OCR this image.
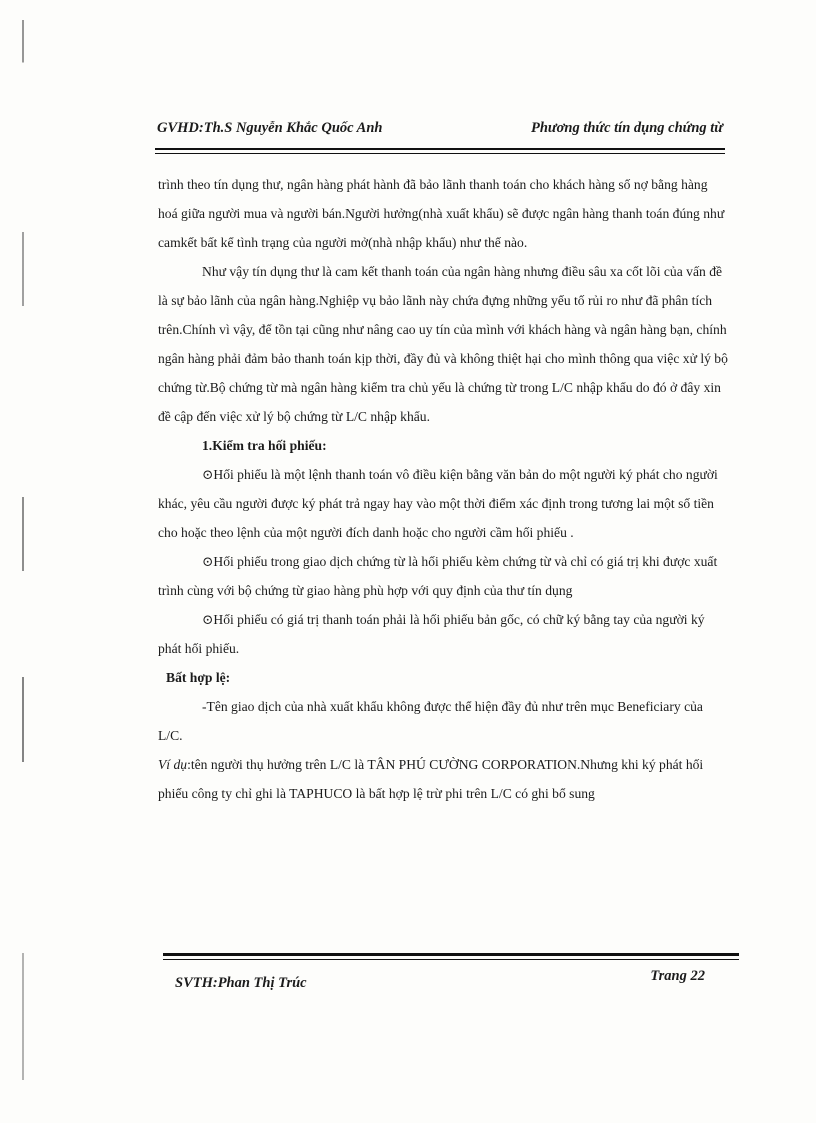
GVHD:Th.S Nguyễn Khắc Quốc Anh	Phương thức tín dụng chứng từ

trình theo tín dụng thư, ngân hàng phát hành đã bảo lãnh thanh toán cho khách hàng số nợ bằng hàng hoá giữa người mua và người bán.Người hưởng(nhà xuất khẩu) sẽ được ngân hàng thanh toán đúng như camkết bất kể tình trạng của người mở(nhà nhập khẩu) như thế nào.

Như vậy tín dụng thư là cam kết thanh toán của ngân hàng nhưng điều sâu xa cốt lõi của vấn đề là sự bảo lãnh của ngân hàng.Nghiệp vụ bảo lãnh này chứa đựng những yếu tố rủi ro như đã phân tích trên.Chính vì vậy, để tồn tại cũng như nâng cao uy tín của mình với khách hàng và ngân hàng bạn, chính ngân hàng phải đảm bảo thanh toán kịp thời, đầy đủ và không thiệt hại cho mình thông qua việc xử lý bộ chứng từ.Bộ chứng từ mà ngân hàng kiểm tra chủ yếu là chứng từ trong L/C nhập khẩu do đó ở đây xin đề cập đến việc xử lý bộ chứng từ L/C nhập khẩu.

1.Kiểm tra hối phiếu:

⊙Hối phiếu là một lệnh thanh toán vô điều kiện bằng văn bản do một người ký phát cho người khác, yêu cầu người được ký phát trả ngay hay vào một thời điểm xác định trong tương lai một số tiền cho hoặc theo lệnh của một người đích danh hoặc cho người cầm hối phiếu .

⊙Hối phiếu trong giao dịch chứng từ là hối phiếu kèm chứng từ và chỉ có giá trị khi được xuất trình cùng với bộ chứng từ giao hàng phù hợp với quy định của thư tín dụng

⊙Hối phiếu có giá trị thanh toán phải là hối phiếu bản gốc, có chữ ký bằng tay của người ký phát hối phiếu.

Bất hợp lệ:

-Tên giao dịch của nhà xuất khẩu không được thể hiện đầy đủ như trên mục Beneficiary của L/C.

Ví dụ:tên người thụ hưởng trên L/C là TÂN PHÚ CƯỜNG CORPORATION.Nhưng khi ký phát hối phiếu công ty chỉ ghi là TAPHUCO là bất hợp lệ trừ phi trên L/C có ghi bổ sung

SVTH:Phan Thị Trúc	Trang 22
